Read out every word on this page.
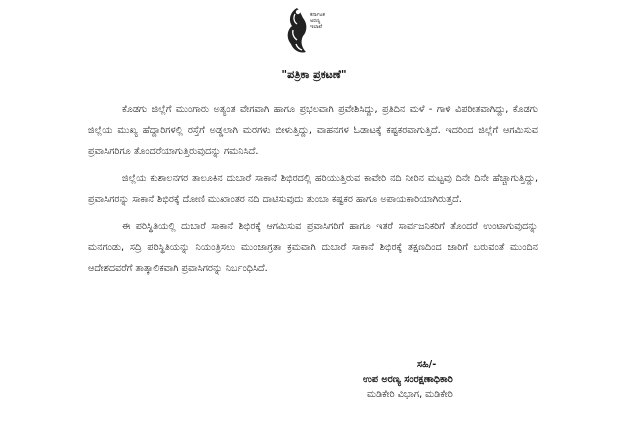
ಕರ್ನಾಟಕ
ಅರಣ್ಯ
ಇಲಾಖೆ
"ಪತ್ರಿಕಾ ಪ್ರಕಟಣೆ"

ಕೊಡಗು ಜಿಲ್ಲೆಗೆ ಮುಂಗಾರು ಅತ್ಯಂತ ವೇಗವಾಗಿ ಹಾಗೂ ಪ್ರಭಲವಾಗಿ ಪ್ರವೇಶಿಸಿದ್ದು, ಪ್ರತಿದಿನ ಮಳೆ - ಗಾಳಿ ವಿಪರೀತವಾಗಿದ್ದು, ಕೊಡಗು ಜಿಲ್ಲೆಯ ಮುಖ್ಯ ಹೆದ್ದಾರಿಗಳಲ್ಲಿ ರಸ್ತೆಗೆ ಅಡ್ಡಲಾಗಿ ಮರಗಳು ಬೀಳುತ್ತಿದ್ದು, ವಾಹನಗಳ ಓಡಾಟಕ್ಕೆ ಕಷ್ಟಕರವಾಗುತ್ತಿದೆ. ಇದರಿಂದ ಜಿಲ್ಲೆಗೆ ಆಗಮಿಸುವ ಪ್ರವಾಸಿಗರಿಗೂ ತೊಂದರೆಯಾಗುತ್ತಿರುವುದನ್ನು ಗಮನಿಸಿದೆ.

ಜಿಲ್ಲೆಯ ಕುಶಾಲನಗರ ತಾಲೂಕಿನ ದುಬಾರೆ ಸಾಕಾನೆ ಶಿಭಿರದಲ್ಲಿ ಹರಿಯುತ್ತಿರುವ ಕಾವೇರಿ ನದಿ ನೀರಿನ ಮಟ್ಟವು ದಿನೇ ದಿನೇ ಹೆಚ್ಚಾಗುತ್ತಿದ್ದು, ಪ್ರವಾಸಿಗರನ್ನು ಸಾಕಾನೆ ಶಿಭಿರಕ್ಕೆ ದೋಣಿ ಮುಖಾಂತರ ನದಿ ದಾಟಿಸುವುದು ತುಂಬಾ ಕಷ್ಟಕರ ಹಾಗೂ ಅಪಾಯಕಾರಿಯಾಗಿರುತ್ತದೆ.

ಈ ಪರಿಸ್ಥಿತಿಯಲ್ಲಿ ದುಬಾರೆ ಸಾಕಾನೆ ಶಿಭಿರಕ್ಕೆ ಆಗಮಿಸುವ ಪ್ರವಾಸಿಗರಿಗೆ ಹಾಗೂ ಇತರೆ ಸಾರ್ವಜನಿಕರಿಗೆ ತೊಂದರೆ ಉಂಟಾಗುವುದನ್ನು ಮನಗಂಡು, ಸದ್ರಿ ಪರಿಸ್ಥಿತಿಯನ್ನು ನಿಯಂತ್ರಿಸಲು ಮುಂಜಾಗ್ರತಾ ಕ್ರಮವಾಗಿ ದುಬಾರೆ ಸಾಕಾನೆ ಶಿಭಿರಕ್ಕೆ ತಕ್ಷಣದಿಂದ ಜಾರಿಗೆ ಬರುವಂತೆ ಮುಂದಿನ ಆದೇಶದವರೆಗೆ ತಾತ್ಕಾಲಿಕವಾಗಿ ಪ್ರವಾಸಿಗರನ್ನು ನಿರ್ಬಂಧಿಸಿದೆ.

ಸಹಿ/-
ಉಪ ಅರಣ್ಯ ಸಂರಕ್ಷಣಾಧಿಕಾರಿ
ಮಡಿಕೇರಿ ವಿಭಾಗ, ಮಡಿಕೇರಿ
